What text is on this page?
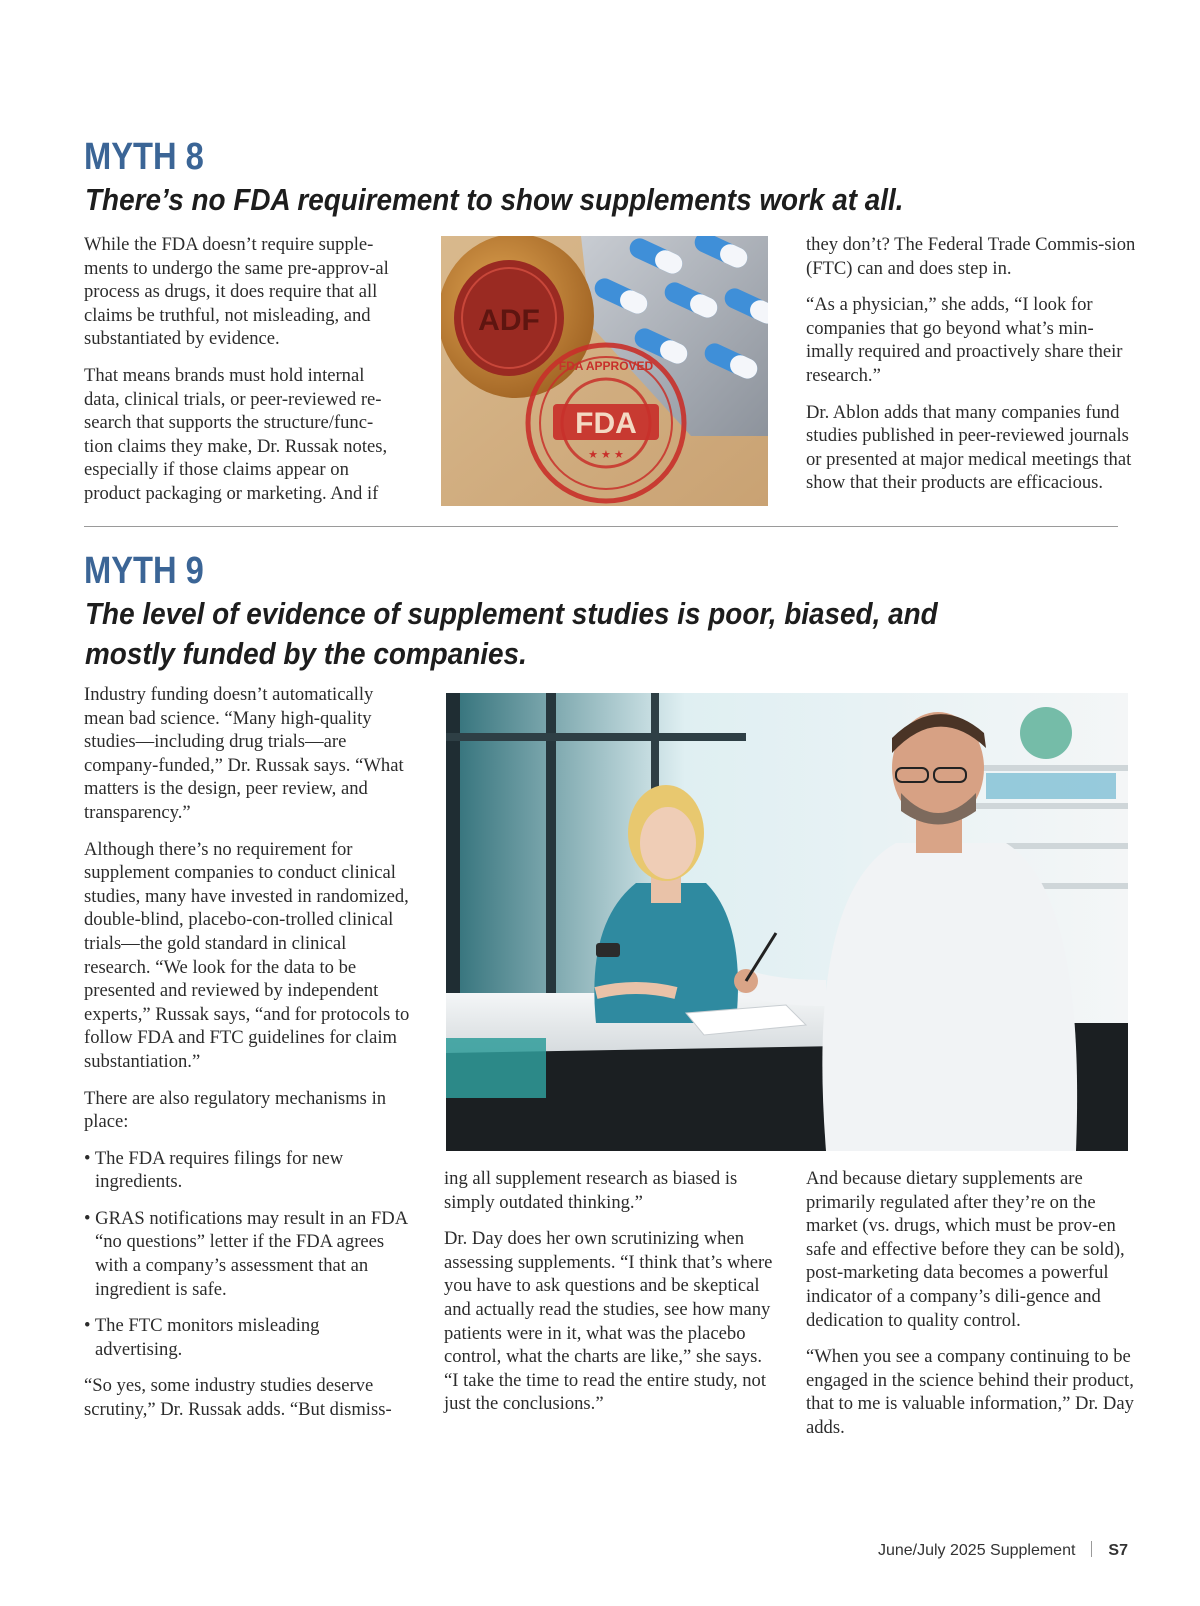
MYTH 8
There’s no FDA requirement to show supplements work at all.

While the FDA doesn’t require supple-ments to undergo the same pre-approv-al process as drugs, it does require that all claims be truthful, not misleading, and substantiated by evidence.

That means brands must hold internal data, clinical trials, or peer-reviewed re-search that supports the structure/func-tion claims they make, Dr. Russak notes, especially if those claims appear on product packaging or marketing. And if

ADF
FDA
FDA APPROVED
★ ★ ★

they don’t? The Federal Trade Commis-sion (FTC) can and does step in.

“As a physician,” she adds, “I look for companies that go beyond what’s min-imally required and proactively share their research.”

Dr. Ablon adds that many companies fund studies published in peer-reviewed journals or presented at major medical meetings that show that their products are efficacious.

MYTH 9
The level of evidence of supplement studies is poor, biased, and mostly funded by the companies.

Industry funding doesn’t automatically mean bad science. “Many high-quality studies—including drug trials—are company-funded,” Dr. Russak says. “What matters is the design, peer review, and transparency.”

Although there’s no requirement for supplement companies to conduct clinical studies, many have invested in randomized, double-blind, placebo-con-trolled clinical trials—the gold standard in clinical research. “We look for the data to be presented and reviewed by independent experts,” Russak says, “and for protocols to follow FDA and FTC guidelines for claim substantiation.”

There are also regulatory mechanisms in place:

• The FDA requires filings for new ingredients.

• GRAS notifications may result in an FDA “no questions” letter if the FDA agrees with a company’s assessment that an ingredient is safe.

• The FTC monitors misleading advertising.

“So yes, some industry studies deserve scrutiny,” Dr. Russak adds. “But dismiss-

ing all supplement research as biased is simply outdated thinking.”

Dr. Day does her own scrutinizing when assessing supplements. “I think that’s where you have to ask questions and be skeptical and actually read the studies, see how many patients were in it, what was the placebo control, what the charts are like,” she says. “I take the time to read the entire study, not just the conclusions.”

And because dietary supplements are primarily regulated after they’re on the market (vs. drugs, which must be prov-en safe and effective before they can be sold), post-marketing data becomes a powerful indicator of a company’s dili-gence and dedication to quality control.

“When you see a company continuing to be engaged in the science behind their product, that to me is valuable information,” Dr. Day adds.

June/July 2025 Supplement S7
